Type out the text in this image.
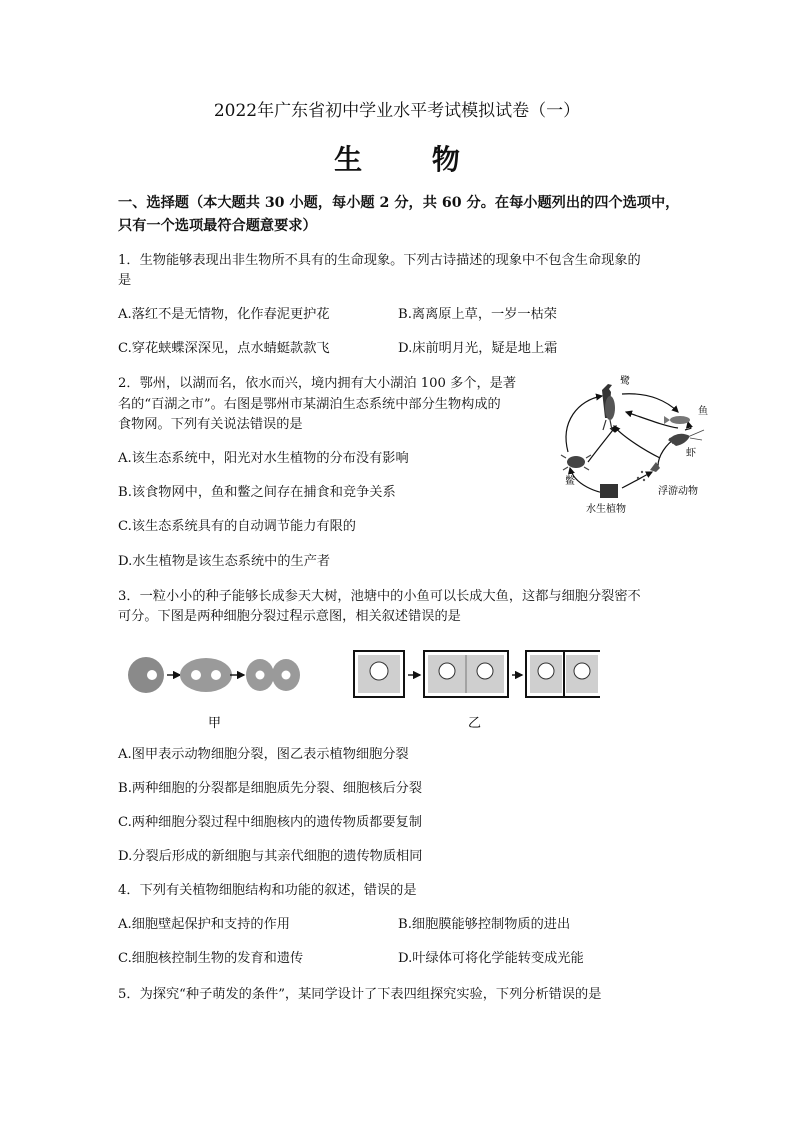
2022年广东省初中学业水平考试模拟试卷（一）
生 物
一、选择题（本大题共 30 小题，每小题 2 分，共 60 分。在每小题列出的四个选项中，只有一个选项最符合题意要求）
1．生物能够表现出非生物所不具有的生命现象。下列古诗描述的现象中不包含生命现象的
是
A.落红不是无情物，化作春泥更护花	B.离离原上草，一岁一枯荣
C.穿花蛱蝶深深见，点水蜻蜓款款飞	D.床前明月光，疑是地上霜
2．鄂州，以湖而名，依水而兴，境内拥有大小湖泊 100 多个，是著
名的“百湖之市”。右图是鄂州市某湖泊生态系统中部分生物构成的
食物网。下列有关说法错误的是
A.该生态系统中，阳光对水生植物的分布没有影响
B.该食物网中，鱼和鳖之间存在捕食和竞争关系
C.该生态系统具有的自动调节能力有限的
D.水生植物是该生态系统中的生产者
鹭
鱼
虾
鳖
浮游动物
水生植物
3．一粒小小的种子能够长成参天大树，池塘中的小鱼可以长成大鱼，这都与细胞分裂密不
可分。下图是两种细胞分裂过程示意图，相关叙述错误的是
甲	乙
A.图甲表示动物细胞分裂，图乙表示植物细胞分裂
B.两种细胞的分裂都是细胞质先分裂、细胞核后分裂
C.两种细胞分裂过程中细胞核内的遗传物质都要复制
D.分裂后形成的新细胞与其亲代细胞的遗传物质相同
4．下列有关植物细胞结构和功能的叙述，错误的是
A.细胞壁起保护和支持的作用	B.细胞膜能够控制物质的进出
C.细胞核控制生物的发育和遗传	D.叶绿体可将化学能转变成光能
5．为探究“种子萌发的条件”，某同学设计了下表四组探究实验，下列分析错误的是
